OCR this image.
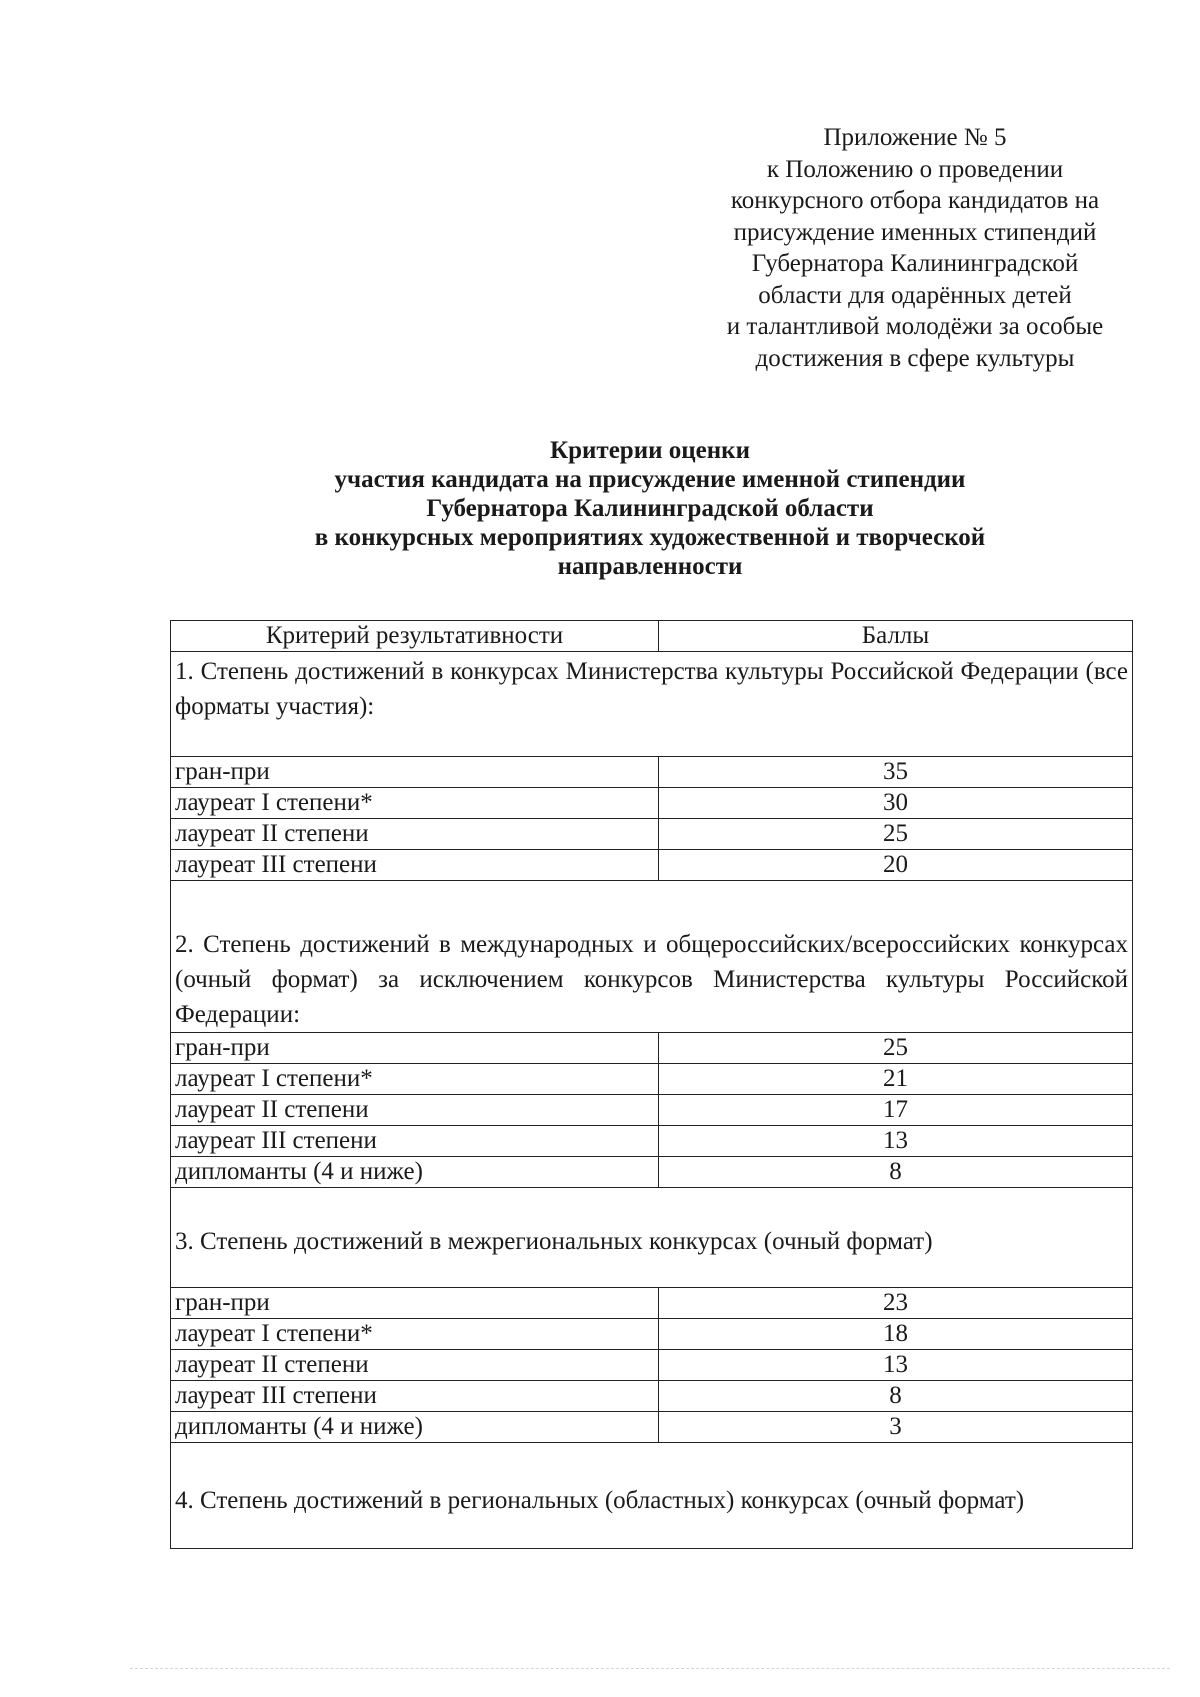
Приложение № 5
к Положению о проведении
конкурсного отбора кандидатов на
присуждение именных стипендий
Губернатора Калининградской
области для одарённых детей
и талантливой молодёжи за особые
достижения в сфере культуры
Критерии оценки
участия кандидата на присуждение именной стипендии
Губернатора Калининградской области
в конкурсных мероприятиях художественной и творческой
направленности
Критерий результативности	Баллы
1. Степень достижений в конкурсах Министерства культуры Российской Федерации (все форматы участия):	
гран-при	35
лауреат I степени*	30
лауреат II степени	25
лауреат III степени	20
2. Степень достижений в международных и общероссийских/всероссийских конкурсах (очный формат) за исключением конкурсов Министерства культуры Российской Федерации:	
гран-при	25
лауреат I степени*	21
лауреат II степени	17
лауреат III степени	13
дипломанты (4 и ниже)	8
3. Степень достижений в межрегиональных конкурсах (очный формат)	
гран-при	23
лауреат I степени*	18
лауреат II степени	13
лауреат III степени	8
дипломанты (4 и ниже)	3
4. Степень достижений в региональных (областных) конкурсах (очный формат)	
